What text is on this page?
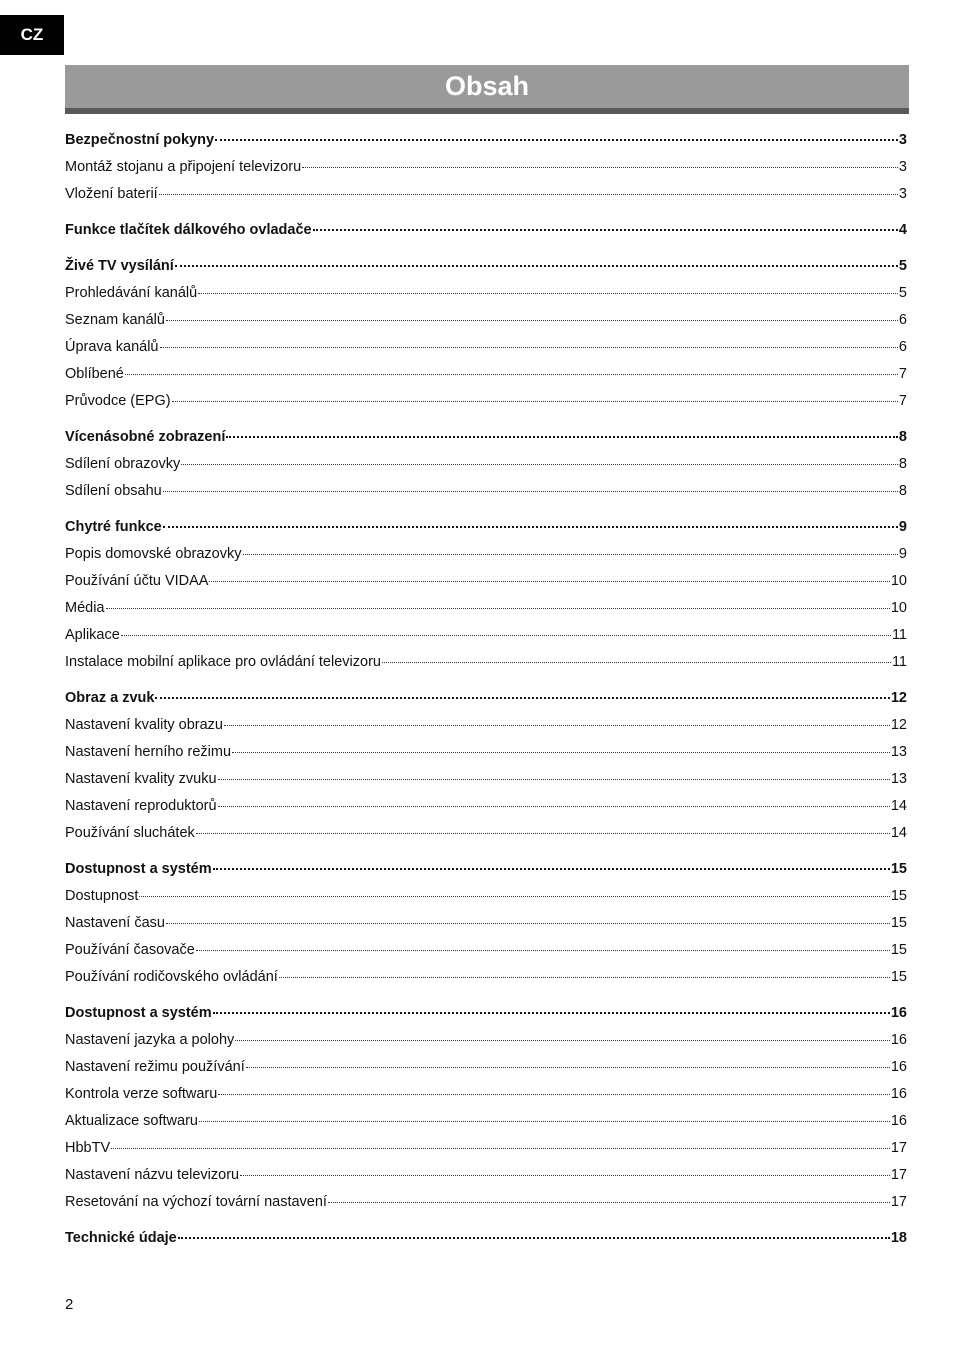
CZ
Obsah
Bezpečnostní pokyny	3
Montáž stojanu a připojení televizoru	3
Vložení baterií	3
Funkce tlačítek dálkového ovladače	4
Živé TV vysílání	5
Prohledávání kanálů	5
Seznam kanálů	6
Úprava kanálů	6
Oblíbené	7
Průvodce (EPG)	7
Vícenásobné zobrazení	8
Sdílení obrazovky	8
Sdílení obsahu	8
Chytré funkce	9
Popis domovské obrazovky	9
Používání účtu VIDAA	10
Média	10
Aplikace	11
Instalace mobilní aplikace pro ovládání televizoru	11
Obraz a zvuk	12
Nastavení kvality obrazu	12
Nastavení herního režimu	13
Nastavení kvality zvuku	13
Nastavení reproduktorů	14
Používání sluchátek	14
Dostupnost a systém	15
Dostupnost	15
Nastavení času	15
Používání časovače	15
Používání rodičovského ovládání	15
Dostupnost a systém	16
Nastavení jazyka a polohy	16
Nastavení režimu používání	16
Kontrola verze softwaru	16
Aktualizace softwaru	16
HbbTV	17
Nastavení názvu televizoru	17
Resetování na výchozí tovární nastavení	17
Technické údaje	18
2
